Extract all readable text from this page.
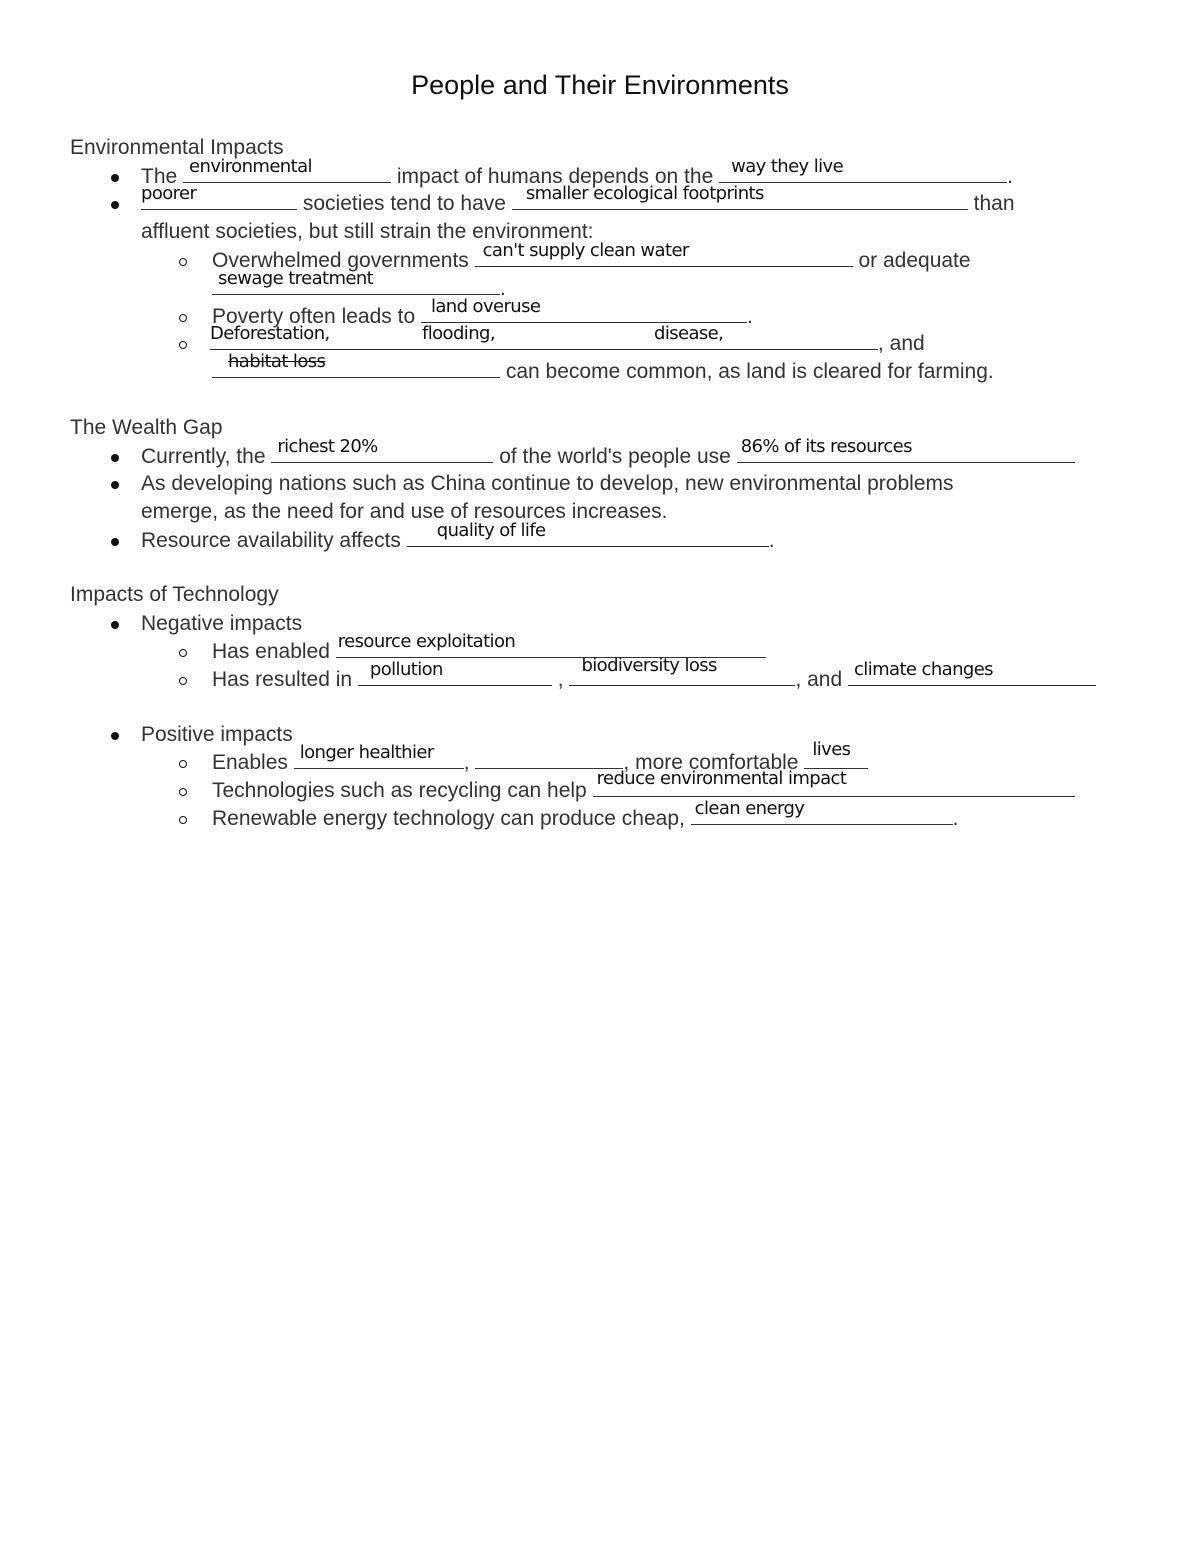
People and Their Environments
Environmental Impacts
The environmental	impact of humans depends on the way they live	.
poorer	societies tend to have smaller ecological footprints	than
affluent societies, but still strain the environment:
Overwhelmed governments can't supply clean water	or adequate
sewage treatment	.
Poverty often leads to land overuse	.
Deforestation,	flooding,	disease,	, and
habitat loss	can become common, as land is cleared for farming.
The Wealth Gap
Currently, the richest 20%	of the world's people use 86% of its resources
As developing nations such as China continue to develop, new environmental problems
emerge, as the need for and use of resources increases.
Resource availability affects quality of life	.
Impacts of Technology
Negative impacts
Has enabled resource exploitation
Has resulted in pollution	,
biodiversity loss
, and climate changes
Positive impacts
Enables longer healthier ,	, more comfortable
lives
Technologies such as recycling can help
reduce environmental impact
Renewable energy technology can produce cheap, clean energy	.
